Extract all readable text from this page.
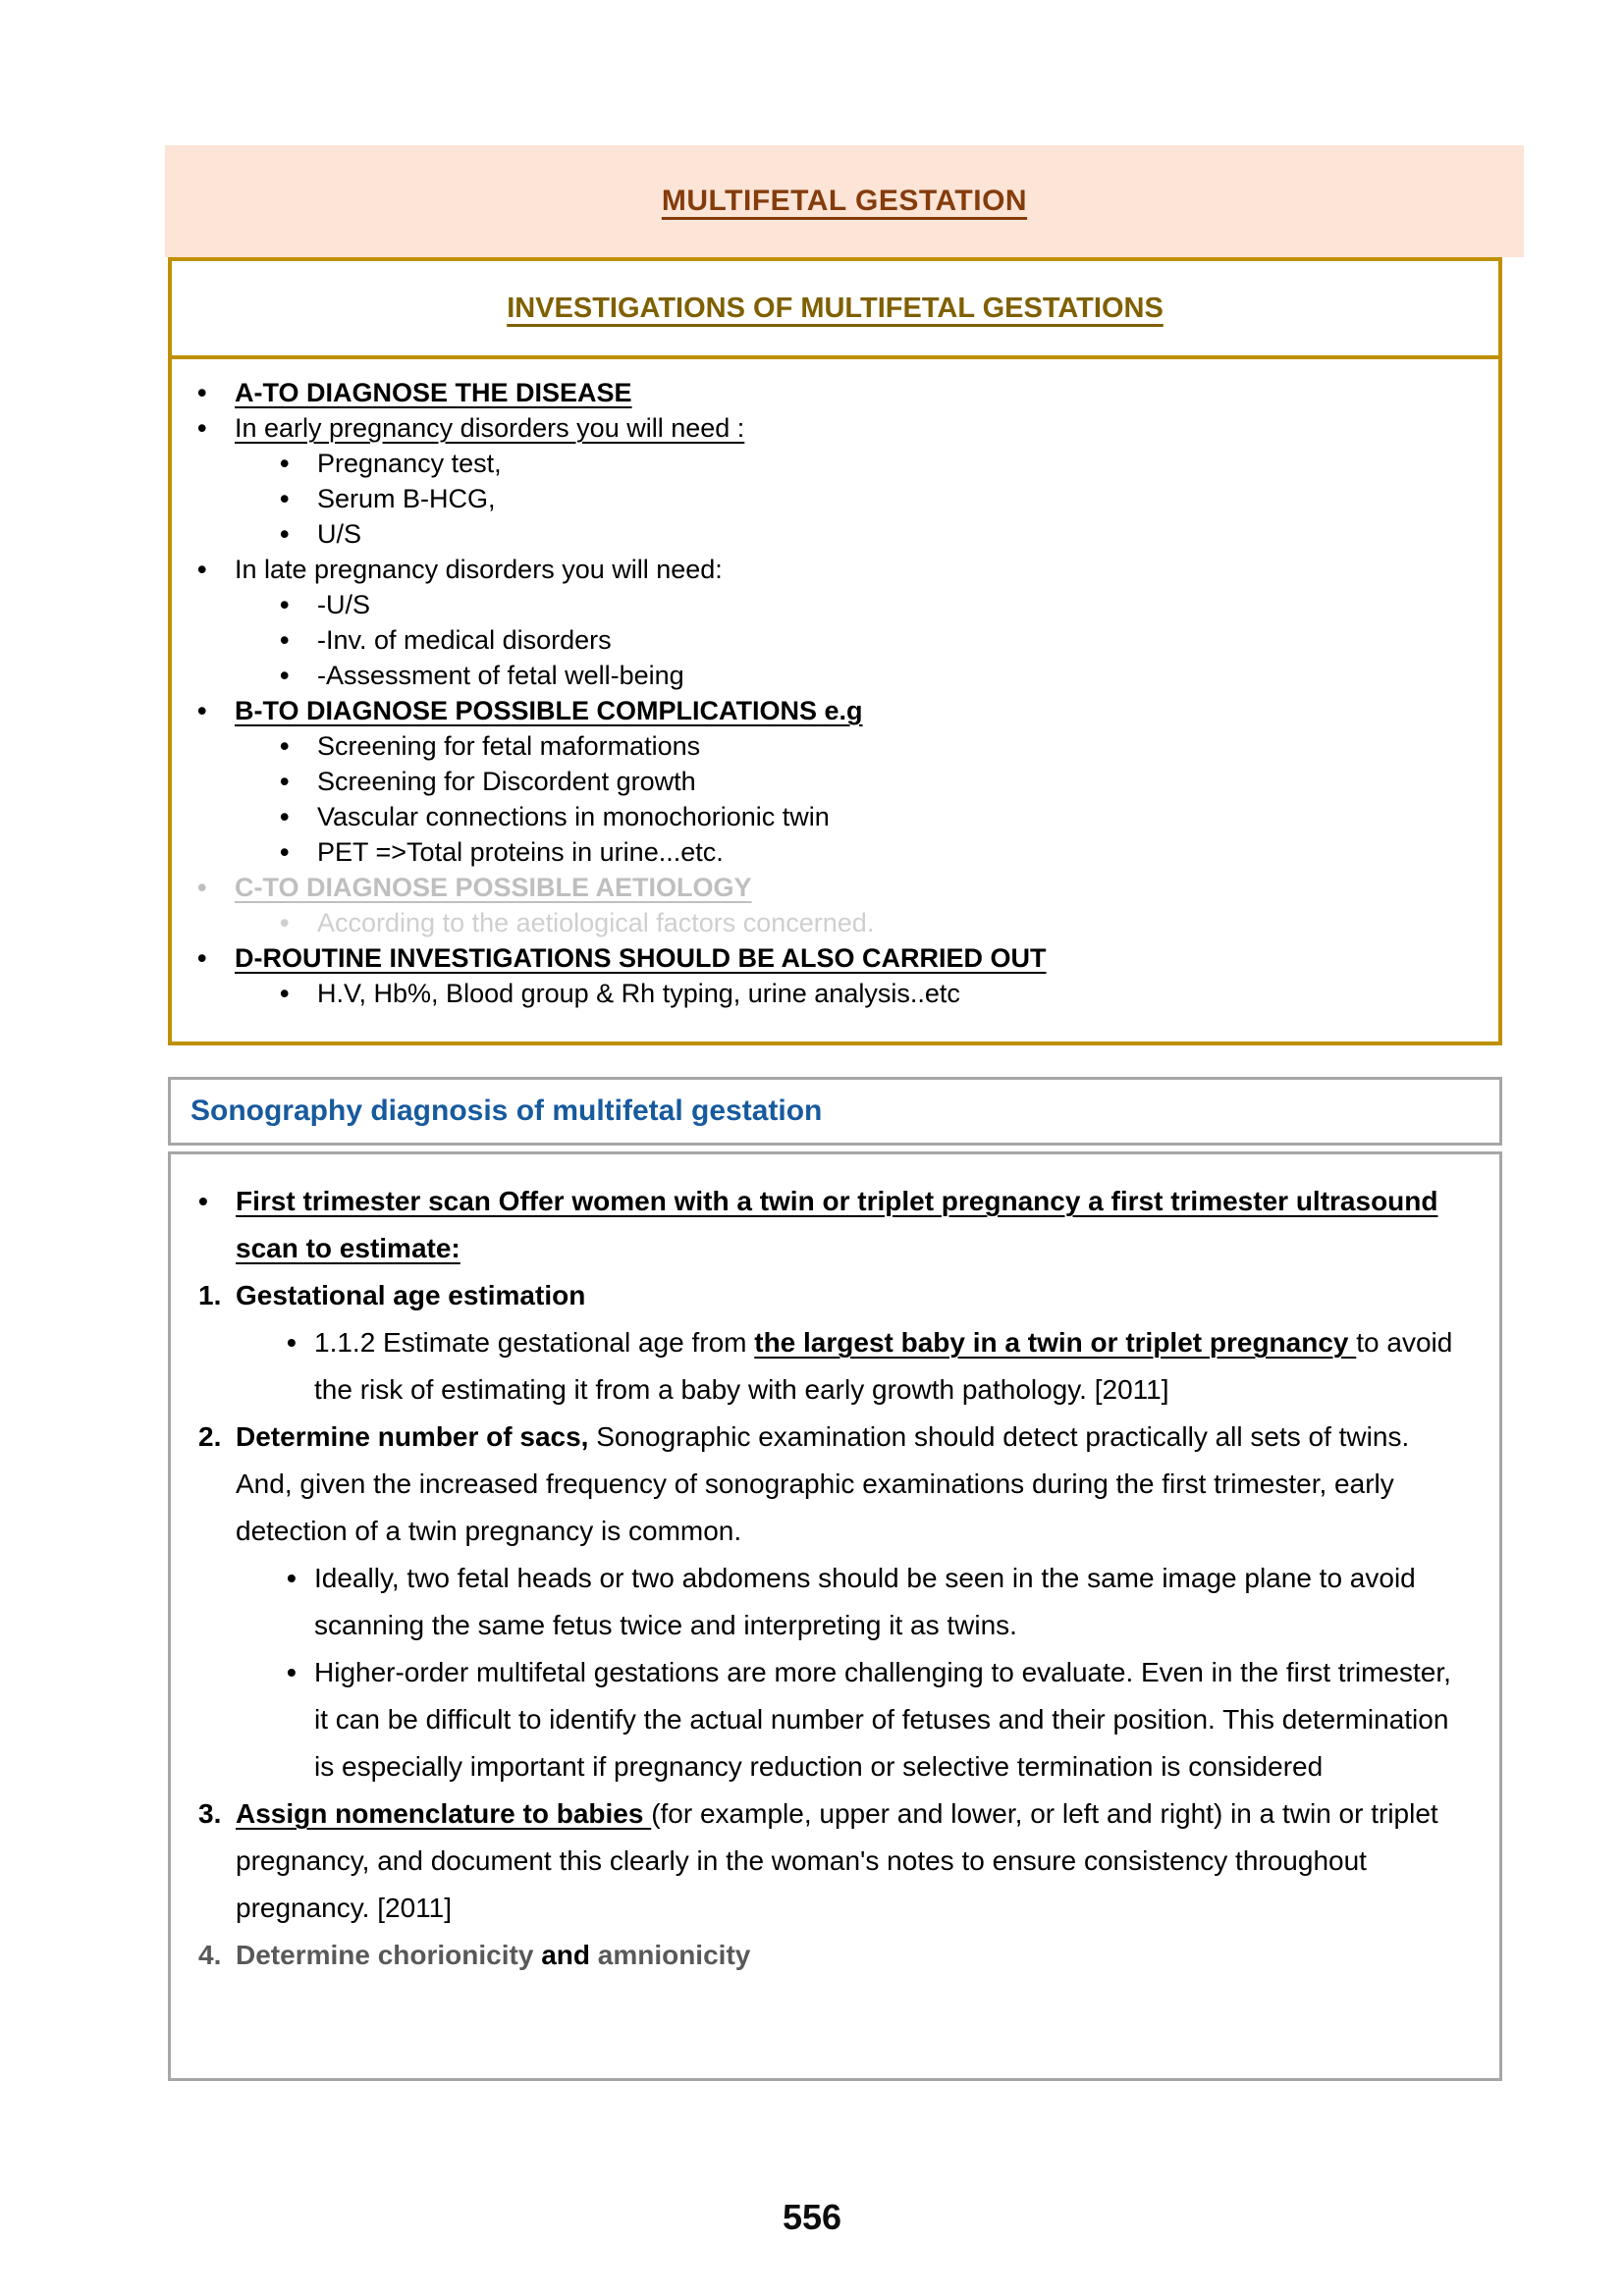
MULTIFETAL GESTATION
INVESTIGATIONS OF MULTIFETAL GESTATIONS
• A-TO DIAGNOSE THE DISEASE
• In early pregnancy disorders you will need :
• Pregnancy test,
• Serum B-HCG,
• U/S
• In late pregnancy disorders you will need:
• -U/S
• -Inv. of medical disorders
• -Assessment of fetal well-being
• B-TO DIAGNOSE POSSIBLE COMPLICATIONS e.g
• Screening for fetal maformations
• Screening for Discordent growth
• Vascular connections in monochorionic twin
• PET =>Total proteins in urine...etc.
• C-TO DIAGNOSE POSSIBLE AETIOLOGY
• According to the aetiological factors concerned.
• D-ROUTINE INVESTIGATIONS SHOULD BE ALSO CARRIED OUT
• H.V, Hb%, Blood group & Rh typing, urine analysis..etc
Sonography diagnosis of multifetal gestation
• First trimester scan Offer women with a twin or triplet pregnancy a first trimester ultrasound scan to estimate:
1. Gestational age estimation
• 1.1.2 Estimate gestational age from the largest baby in a twin or triplet pregnancy to avoid the risk of estimating it from a baby with early growth pathology. [2011]
2. Determine number of sacs, Sonographic examination should detect practically all sets of twins. And, given the increased frequency of sonographic examinations during the first trimester, early detection of a twin pregnancy is common.
• Ideally, two fetal heads or two abdomens should be seen in the same image plane to avoid scanning the same fetus twice and interpreting it as twins.
• Higher-order multifetal gestations are more challenging to evaluate. Even in the first trimester, it can be difficult to identify the actual number of fetuses and their position. This determination is especially important if pregnancy reduction or selective termination is considered
3. Assign nomenclature to babies (for example, upper and lower, or left and right) in a twin or triplet pregnancy, and document this clearly in the woman's notes to ensure consistency throughout pregnancy. [2011]
4. Determine chorionicity and amnionicity
556
